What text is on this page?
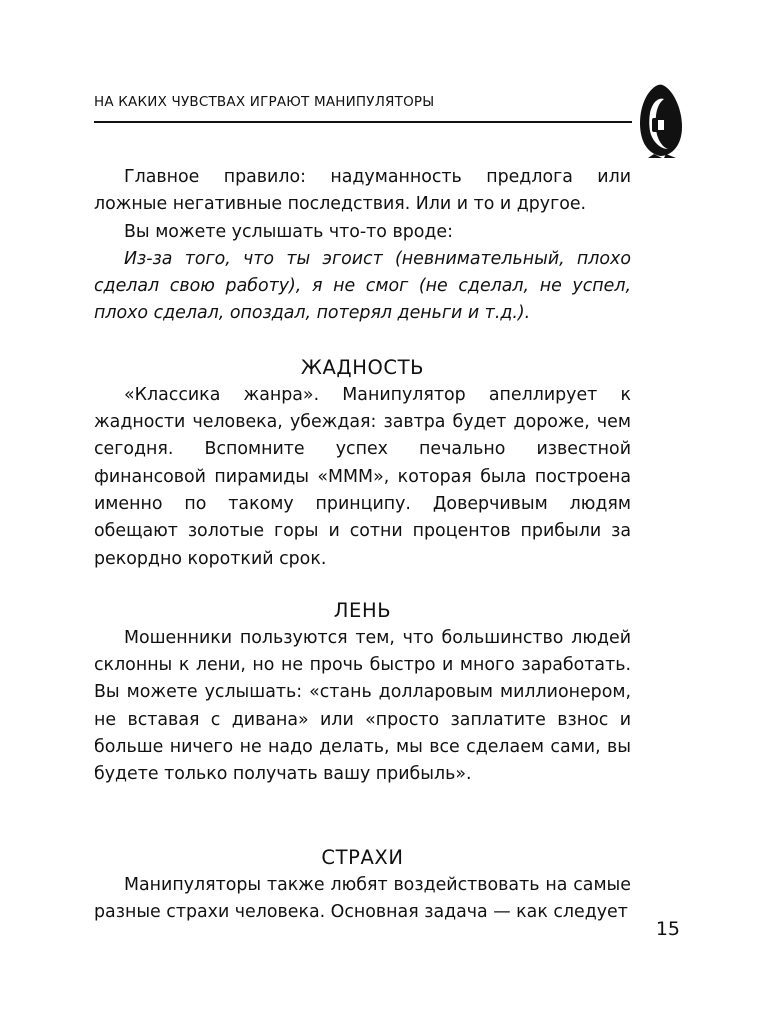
НА КАКИХ ЧУВСТВАХ ИГРАЮТ МАНИПУЛЯТОРЫ

Главное правило: надуманность предлога или ложные негативные последствия. Или и то и другое.

Вы можете услышать что-то вроде:

Из-за того, что ты эгоист (невнимательный, плохо сделал свою работу), я не смог (не сделал, не успел, плохо сделал, опоздал, потерял деньги и т.д.).

ЖАДНОСТЬ

«Классика жанра». Манипулятор апеллирует к жадности человека, убеждая: завтра будет дороже, чем сегодня. Вспомните успех печально известной финансовой пирамиды «МММ», которая была построена именно по такому принципу. Доверчивым людям обещают золотые горы и сотни процентов прибыли за рекордно короткий срок.

ЛЕНЬ

Мошенники пользуются тем, что большинство людей склонны к лени, но не прочь быстро и много заработать. Вы можете услышать: «стань долларовым миллионером, не вставая с дивана» или «просто заплатите взнос и больше ничего не надо делать, мы все сделаем сами, вы будете только получать вашу прибыль».

СТРАХИ

Манипуляторы также любят воздействовать на самые разные страхи человека. Основная задача — как следует

15
